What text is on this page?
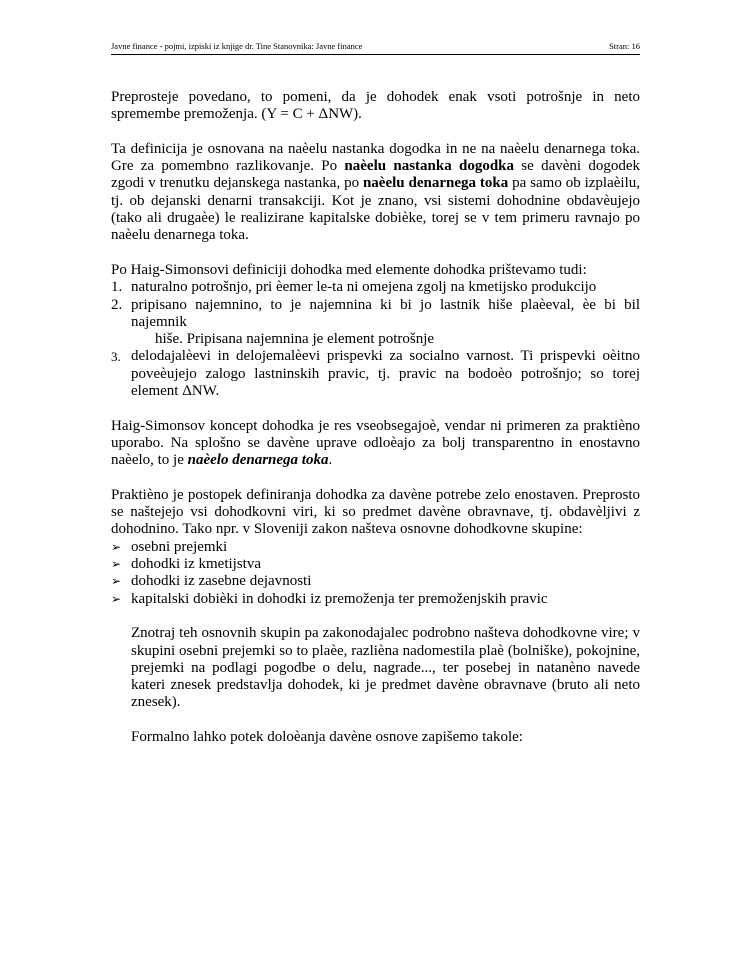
Javne finance - pojmi, izpiski iz knjige dr. Tine Stanovnika: Javne finance	Stran: 16

Preprosteje povedano, to pomeni, da je dohodek enak vsoti potrošnje in neto spremembe premoženja. (Y = C + ΔNW).

Ta definicija je osnovana na naèelu nastanka dogodka in ne na naèelu denarnega toka. Gre za pomembno razlikovanje. Po naèelu nastanka dogodka se davèni dogodek zgodi v trenutku dejanskega nastanka, po naèelu denarnega toka pa samo ob izplaèilu, tj. ob dejanski denarni transakciji. Kot je znano, vsi sistemi dohodnine obdavèujejo (tako ali drugaèe) le realizirane kapitalske dobièke, torej se v tem primeru ravnajo po naèelu denarnega toka.

Po Haig-Simonsovi definiciji dohodka med elemente dohodka prištevamo tudi:

1. naturalno potrošnjo, pri èemer le-ta ni omejena zgolj na kmetijsko produkcijo
2. pripisano najemnino, to je najemnina ki bi jo lastnik hiše plaèeval, èe bi bil najemnik
hiše. Pripisana najemnina je element potrošnje
3. delodajalèevi in delojemalèevi prispevki za socialno varnost. Ti prispevki oèitno poveèujejo zalogo lastninskih pravic, tj. pravic na bodoèo potrošnjo; so torej element ΔNW.

Haig-Simonsov koncept dohodka je res vseobsegajoè, vendar ni primeren za praktièno uporabo. Na splošno se davène uprave odloèajo za bolj transparentno in enostavno naèelo, to je naèelo denarnega toka.

Praktièno je postopek definiranja dohodka za davène potrebe zelo enostaven. Preprosto se naštejejo vsi dohodkovni viri, ki so predmet davène obravnave, tj. obdavèljivi z dohodnino. Tako npr. v Sloveniji zakon našteva osnovne dohodkovne skupine:

➢ osebni prejemki
➢ dohodki iz kmetijstva
➢ dohodki iz zasebne dejavnosti
➢ kapitalski dobièki in dohodki iz premoženja ter premoženjskih pravic

Znotraj teh osnovnih skupin pa zakonodajalec podrobno našteva dohodkovne vire; v skupini osebni prejemki so to plaèe, razlièna nadomestila plaè (bolniške), pokojnine, prejemki na podlagi pogodbe o delu, nagrade..., ter posebej in natanèno navede kateri znesek predstavlja dohodek, ki je predmet davène obravnave (bruto ali neto znesek).

Formalno lahko potek doloèanja davène osnove zapišemo takole:
